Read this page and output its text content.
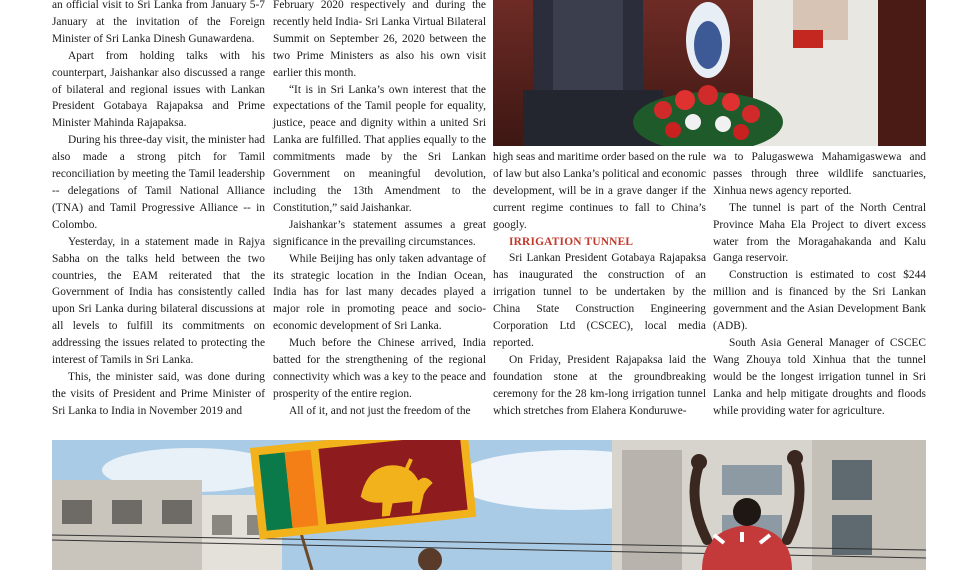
an official visit to Sri Lanka from January 5-7 January at the invitation of the Foreign Minister of Sri Lanka Dinesh Gunawardena.

Apart from holding talks with his counterpart, Jaishankar also discussed a range of bilateral and regional issues with Lankan President Gotabaya Rajapaksa and Prime Minister Mahinda Rajapaksa.

During his three-day visit, the minister had also made a strong pitch for Tamil reconciliation by meeting the Tamil leadership -- delegations of Tamil National Alliance (TNA) and Tamil Progressive Alliance -- in Colombo.

Yesterday, in a statement made in Rajya Sabha on the talks held between the two countries, the EAM reiterated that the Government of India has consistently called upon Sri Lanka during bilateral discussions at all levels to fulfill its commitments on addressing the issues related to protecting the interest of Tamils in Sri Lanka.

This, the minister said, was done during the visits of President and Prime Minister of Sri Lanka to India in November 2019 and

February 2020 respectively and during the recently held India- Sri Lanka Virtual Bilateral Summit on September 26, 2020 between the two Prime Ministers as also his own visit earlier this month.

“It is in Sri Lanka’s own interest that the expectations of the Tamil people for equality, justice, peace and dignity within a united Sri Lanka are fulfilled. That applies equally to the commitments made by the Sri Lankan Government on meaningful devolution, including the 13th Amendment to the Constitution,” said Jaishankar.

Jaishankar’s statement assumes a great significance in the prevailing circumstances.

While Beijing has only taken advantage of its strategic location in the Indian Ocean, India has for last many decades played a major role in promoting peace and socio-economic development of Sri Lanka.

Much before the Chinese arrived, India batted for the strengthening of the regional connectivity which was a key to the peace and prosperity of the entire region.

All of it, and not just the freedom of the

high seas and maritime order based on the rule of law but also Lanka’s political and economic development, will be in a grave danger if the current regime continues to fall to China’s googly.

IRRIGATION TUNNEL

Sri Lankan President Gotabaya Rajapaksa has inaugurated the construction of an irrigation tunnel to be undertaken by the China State Construction Engineering Corporation Ltd (CSCEC), local media reported.

On Friday, President Rajapaksa laid the foundation stone at the groundbreaking ceremony for the 28 km-long irrigation tunnel which stretches from Elahera Konduruwe-

wa to Palugaswewa Mahamigaswewa and passes through three wildlife sanctuaries, Xinhua news agency reported.

The tunnel is part of the North Central Province Maha Ela Project to divert excess water from the Moragahakanda and Kalu Ganga reservoir.

Construction is estimated to cost $244 million and is financed by the Sri Lankan government and the Asian Development Bank (ADB).

South Asia General Manager of CSCEC Wang Zhouya told Xinhua that the tunnel would be the longest irrigation tunnel in Sri Lanka and help mitigate droughts and floods while providing water for agriculture.
